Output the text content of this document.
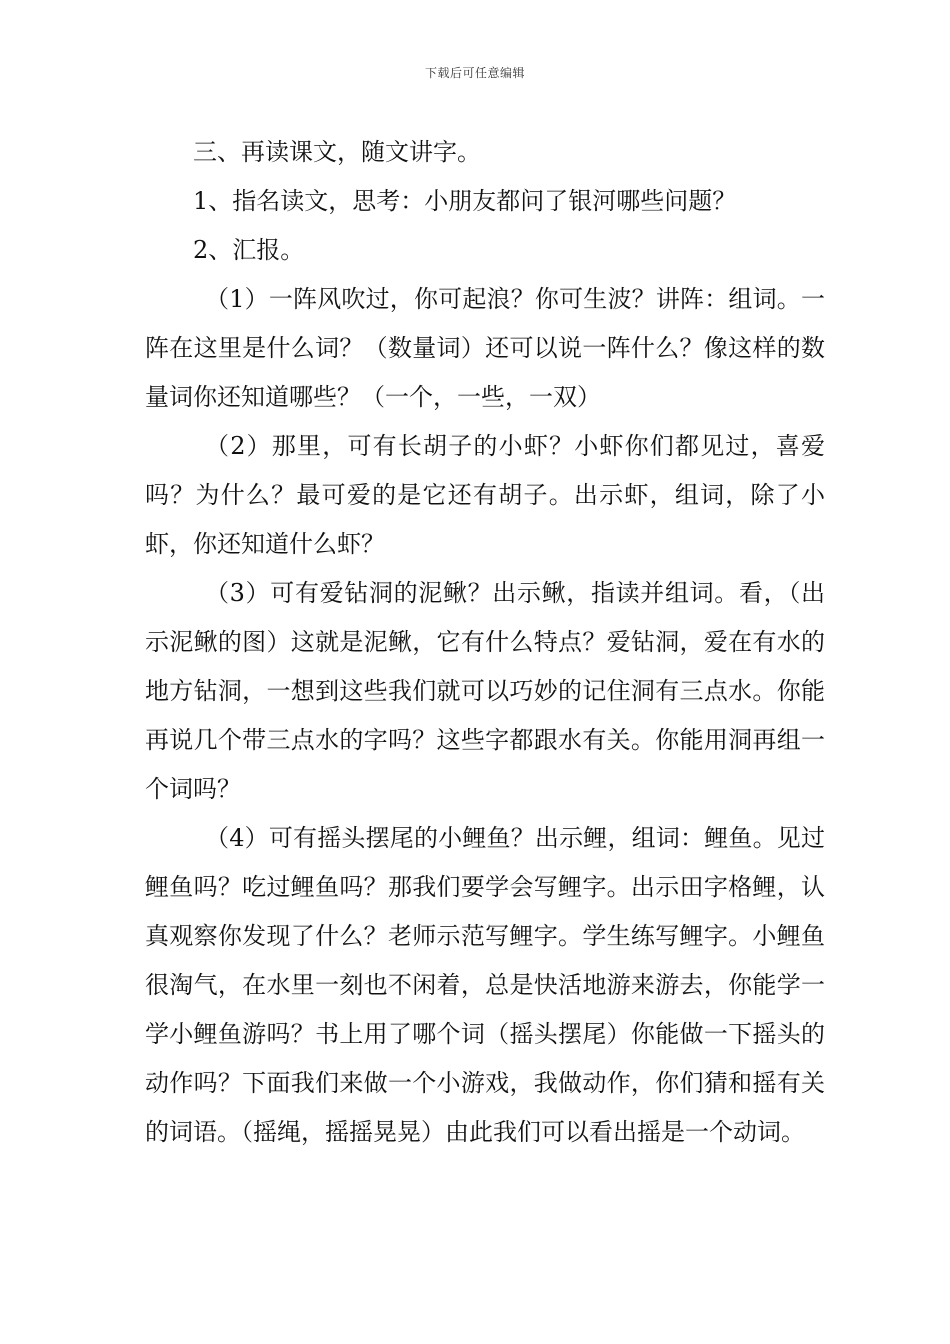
下载后可任意编辑

三、再读课文，随文讲字。

1、指名读文，思考：小朋友都问了银河哪些问题？

2、汇报。

（1）一阵风吹过，你可起浪？你可生波？讲阵：组词。一阵在这里是什么词？（数量词）还可以说一阵什么？像这样的数量词你还知道哪些？（一个，一些，一双）

（2）那里，可有长胡子的小虾？小虾你们都见过，喜爱吗？为什么？最可爱的是它还有胡子。出示虾，组词，除了小虾，你还知道什么虾？

（3）可有爱钻洞的泥鳅？出示鳅，指读并组词。看，（出示泥鳅的图）这就是泥鳅，它有什么特点？爱钻洞，爱在有水的地方钻洞，一想到这些我们就可以巧妙的记住洞有三点水。你能再说几个带三点水的字吗？这些字都跟水有关。你能用洞再组一个词吗？

（4）可有摇头摆尾的小鲤鱼？出示鲤，组词：鲤鱼。见过鲤鱼吗？吃过鲤鱼吗？那我们要学会写鲤字。出示田字格鲤，认真观察你发现了什么？老师示范写鲤字。学生练写鲤字。小鲤鱼很淘气，在水里一刻也不闲着，总是快活地游来游去，你能学一学小鲤鱼游吗？书上用了哪个词（摇头摆尾）你能做一下摇头的动作吗？下面我们来做一个小游戏，我做动作，你们猜和摇有关的词语。（摇绳，摇摇晃晃）由此我们可以看出摇是一个动词。
